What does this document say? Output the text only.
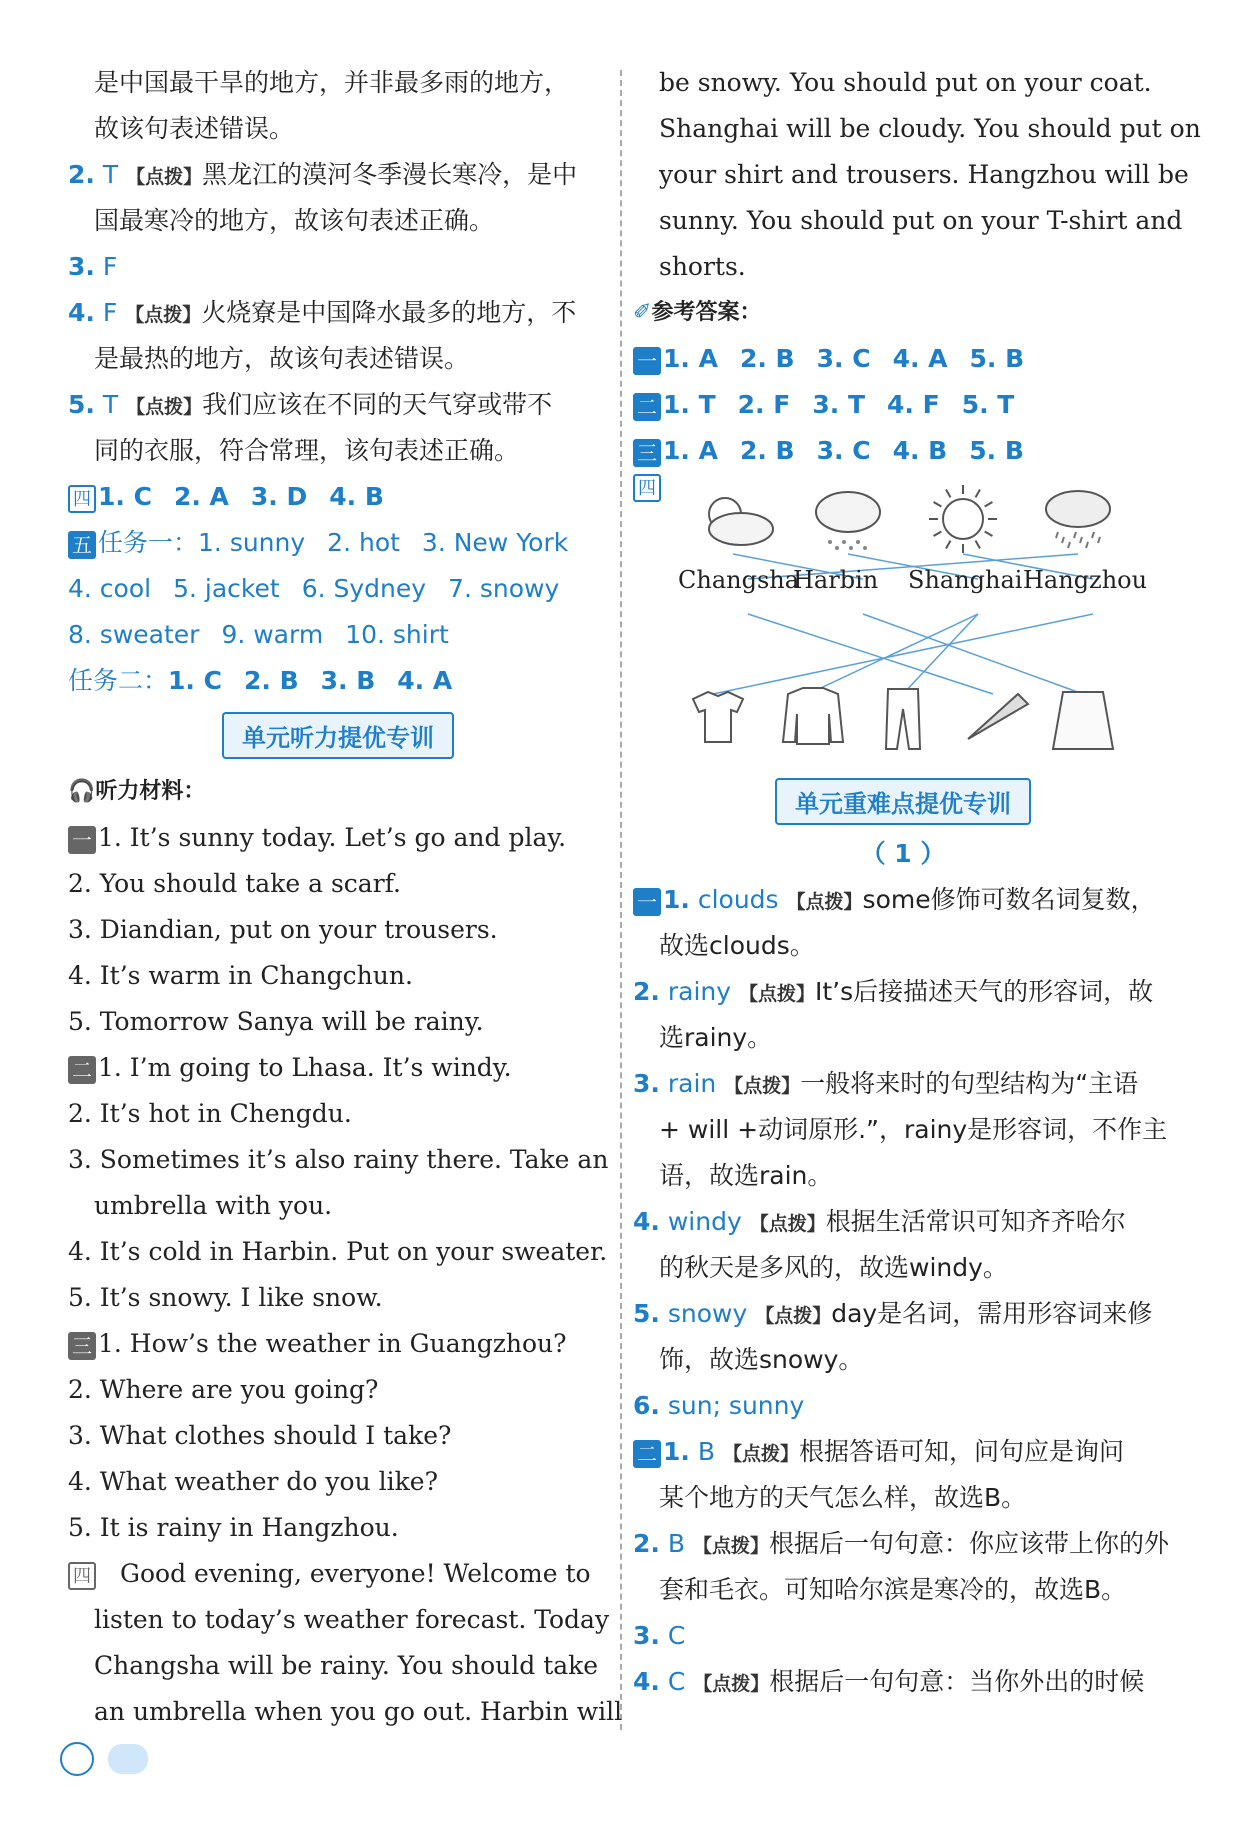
是中国最干旱的地方，并非最多雨的地方，
故该句表述错误。
2. T 【点拨】黑龙江的漠河冬季漫长寒冷，是中
国最寒冷的地方，故该句表述正确。
3. F
4. F 【点拨】火烧寮是中国降水最多的地方，不
是最热的地方，故该句表述错误。
5. T 【点拨】我们应该在不同的天气穿或带不
同的衣服，符合常理，该句表述正确。
四 1. C 2. A 3. D 4. B
五 任务一：1. sunny 2. hot 3. New York
4. cool 5. jacket 6. Sydney 7. snowy
8. sweater 9. warm 10. shirt
任务二：1. C 2. B 3. B 4. A
单元听力提优专训
🎧听力材料：
一 1. It’s sunny today. Let’s go and play.
2. You should take a scarf.
3. Diandian, put on your trousers.
4. It’s warm in Changchun.
5. Tomorrow Sanya will be rainy.
二 1. I’m going to Lhasa. It’s windy.
2. It’s hot in Chengdu.
3. Sometimes it’s also rainy there. Take an
umbrella with you.
4. It’s cold in Harbin. Put on your sweater.
5. It’s snowy. I like snow.
三 1. How’s the weather in Guangzhou?
2. Where are you going?
3. What clothes should I take?
4. What weather do you like?
5. It is rainy in Hangzhou.
四 Good evening, everyone! Welcome to
listen to today’s weather forecast. Today
Changsha will be rainy. You should take
an umbrella when you go out. Harbin will
be snowy. You should put on your coat.
Shanghai will be cloudy. You should put on
your shirt and trousers. Hangzhou will be
sunny. You should put on your T-shirt and
shorts.
✐参考答案：
一 1. A 2. B 3. C 4. A 5. B
二 1. T 2. F 3. T 4. F 5. T
三 1. A 2. B 3. C 4. B 5. B
四
Changsha
Harbin Shanghai Hangzhou
单元重难点提优专训
（ 1 ）
一 1. clouds 【点拨】some修饰可数名词复数，
故选clouds。
2. rainy 【点拨】It’s后接描述天气的形容词，故
选rainy。
3. rain 【点拨】一般将来时的句型结构为“主语
+ will +动词原形.”，rainy是形容词，不作主
语，故选rain。
4. windy 【点拨】根据生活常识可知齐齐哈尔
的秋天是多风的，故选windy。
5. snowy 【点拨】day是名词，需用形容词来修
饰，故选snowy。
6. sun; sunny
二 1. B 【点拨】根据答语可知，问句应是询问
某个地方的天气怎么样，故选B。
2. B 【点拨】根据后一句句意：你应该带上你的外
套和毛衣。可知哈尔滨是寒冷的，故选B。
3. C
4. C 【点拨】根据后一句句意：当你外出的时候
